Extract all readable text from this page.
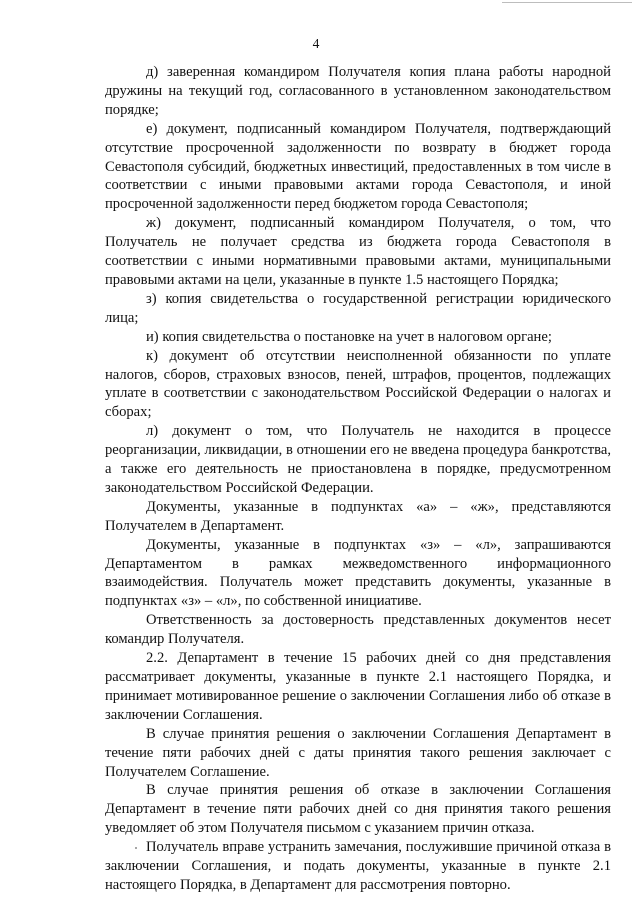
4

д) заверенная командиром Получателя копия плана работы народной дружины на текущий год, согласованного в установленном законодательством порядке;

е) документ, подписанный командиром Получателя, подтверждающий отсутствие просроченной задолженности по возврату в бюджет города Севастополя субсидий, бюджетных инвестиций, предоставленных в том числе в соответствии с иными правовыми актами города Севастополя, и иной просроченной задолженности перед бюджетом города Севастополя;

ж) документ, подписанный командиром Получателя, о том, что Получатель не получает средства из бюджета города Севастополя в соответствии с иными нормативными правовыми актами, муниципальными правовыми актами на цели, указанные в пункте 1.5 настоящего Порядка;

з) копия свидетельства о государственной регистрации юридического лица;

и) копия свидетельства о постановке на учет в налоговом органе;

к) документ об отсутствии неисполненной обязанности по уплате налогов, сборов, страховых взносов, пеней, штрафов, процентов, подлежащих уплате в соответствии с законодательством Российской Федерации о налогах и сборах;

л) документ о том, что Получатель не находится в процессе реорганизации, ликвидации, в отношении его не введена процедура банкротства, а также его деятельность не приостановлена в порядке, предусмотренном законодательством Российской Федерации.

Документы, указанные в подпунктах «а» – «ж», представляются Получателем в Департамент.

Документы, указанные в подпунктах «з» – «л», запрашиваются Департаментом в рамках межведомственного информационного взаимодействия. Получатель может представить документы, указанные в подпунктах «з» – «л», по собственной инициативе.

Ответственность за достоверность представленных документов несет командир Получателя.

2.2. Департамент в течение 15 рабочих дней со дня представления рассматривает документы, указанные в пункте 2.1 настоящего Порядка, и принимает мотивированное решение о заключении Соглашения либо об отказе в заключении Соглашения.

В случае принятия решения о заключении Соглашения Департамент в течение пяти рабочих дней с даты принятия такого решения заключает с Получателем Соглашение.

В случае принятия решения об отказе в заключении Соглашения Департамент в течение пяти рабочих дней со дня принятия такого решения уведомляет об этом Получателя письмом с указанием причин отказа.

Получатель вправе устранить замечания, послужившие причиной отказа в заключении Соглашения, и подать документы, указанные в пункте 2.1 настоящего Порядка, в Департамент для рассмотрения повторно.
